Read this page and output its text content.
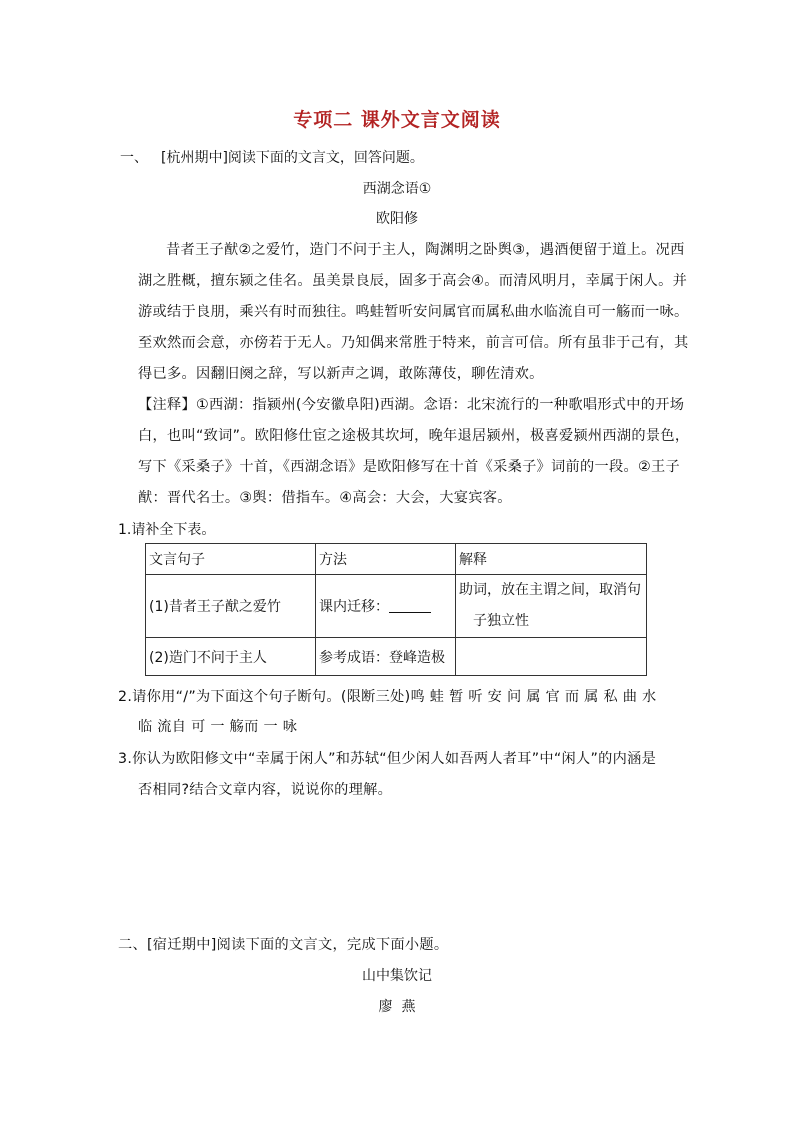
专项二 课外文言文阅读
一、 [杭州期中]阅读下面的文言文，回答问题。
西湖念语①
欧阳修
昔者王子猷②之爱竹，造门不问于主人，陶渊明之卧舆③，遇酒便留于道上。况西
湖之胜概，擅东颍之佳名。虽美景良辰，固多于高会④。而清风明月，幸属于闲人。并
游或结于良朋，乘兴有时而独往。鸣蛙暂听安问属官而属私曲水临流自可一觞而一咏。
至欢然而会意，亦傍若于无人。乃知偶来常胜于特来，前言可信。所有虽非于己有，其
得已多。因翻旧阕之辞，写以新声之调，敢陈薄伎，聊佐清欢。
【注释】①西湖：指颍州(今安徽阜阳)西湖。念语：北宋流行的一种歌唱形式中的开场
白，也叫“致词”。欧阳修仕宦之途极其坎坷，晚年退居颍州，极喜爱颍州西湖的景色，
写下《采桑子》十首，《西湖念语》是欧阳修写在十首《采桑子》词前的一段。②王子
猷：晋代名士。③舆：借指车。④高会：大会，大宴宾客。
1.请补全下表。
文言句子	方法	解释
(1)昔者王子猷之爱竹	课内迁移：	助词，放在主谓之间，取消句
子独立性

(2)造门不问于主人	参考成语：登峰造极	
2.请你用“/”为下面这个句子断句。(限断三处)鸣 蛙 暂 听 安 问 属 官 而 属 私 曲 水
临 流自 可 一 觞而 一 咏
3.你认为欧阳修文中“幸属于闲人”和苏轼“但少闲人如吾两人者耳”中“闲人”的内涵是
否相同?结合文章内容，说说你的理解。
二、[宿迁期中]阅读下面的文言文，完成下面小题。
山中集饮记
廖  燕
